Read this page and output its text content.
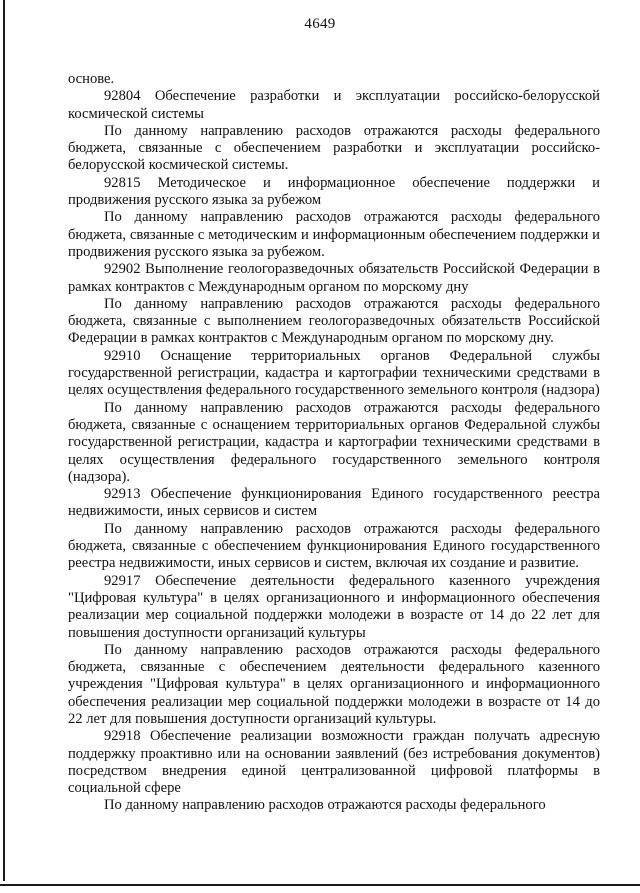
4649

основе.

92804 Обеспечение разработки и эксплуатации российско-белорусской космической системы

По данному направлению расходов отражаются расходы федерального бюджета, связанные с обеспечением разработки и эксплуатации российско-белорусской космической системы.

92815 Методическое и информационное обеспечение поддержки и продвижения русского языка за рубежом

По данному направлению расходов отражаются расходы федерального бюджета, связанные с методическим и информационным обеспечением поддержки и продвижения русского языка за рубежом.

92902 Выполнение геологоразведочных обязательств Российской Федерации в рамках контрактов с Международным органом по морскому дну

По данному направлению расходов отражаются расходы федерального бюджета, связанные с выполнением геологоразведочных обязательств Российской Федерации в рамках контрактов с Международным органом по морскому дну.

92910 Оснащение территориальных органов Федеральной службы государственной регистрации, кадастра и картографии техническими средствами в целях осуществления федерального государственного земельного контроля (надзора)

По данному направлению расходов отражаются расходы федерального бюджета, связанные с оснащением территориальных органов Федеральной службы государственной регистрации, кадастра и картографии техническими средствами в целях осуществления федерального государственного земельного контроля (надзора).

92913 Обеспечение функционирования Единого государственного реестра недвижимости, иных сервисов и систем

По данному направлению расходов отражаются расходы федерального бюджета, связанные с обеспечением функционирования Единого государственного реестра недвижимости, иных сервисов и систем, включая их создание и развитие.

92917 Обеспечение деятельности федерального казенного учреждения "Цифровая культура" в целях организационного и информационного обеспечения реализации мер социальной поддержки молодежи в возрасте от 14 до 22 лет для повышения доступности организаций культуры

По данному направлению расходов отражаются расходы федерального бюджета, связанные с обеспечением деятельности федерального казенного учреждения "Цифровая культура" в целях организационного и информационного обеспечения реализации мер социальной поддержки молодежи в возрасте от 14 до 22 лет для повышения доступности организаций культуры.

92918 Обеспечение реализации возможности граждан получать адресную поддержку проактивно или на основании заявлений (без истребования документов) посредством внедрения единой централизованной цифровой платформы в социальной сфере

По данному направлению расходов отражаются расходы федерального
